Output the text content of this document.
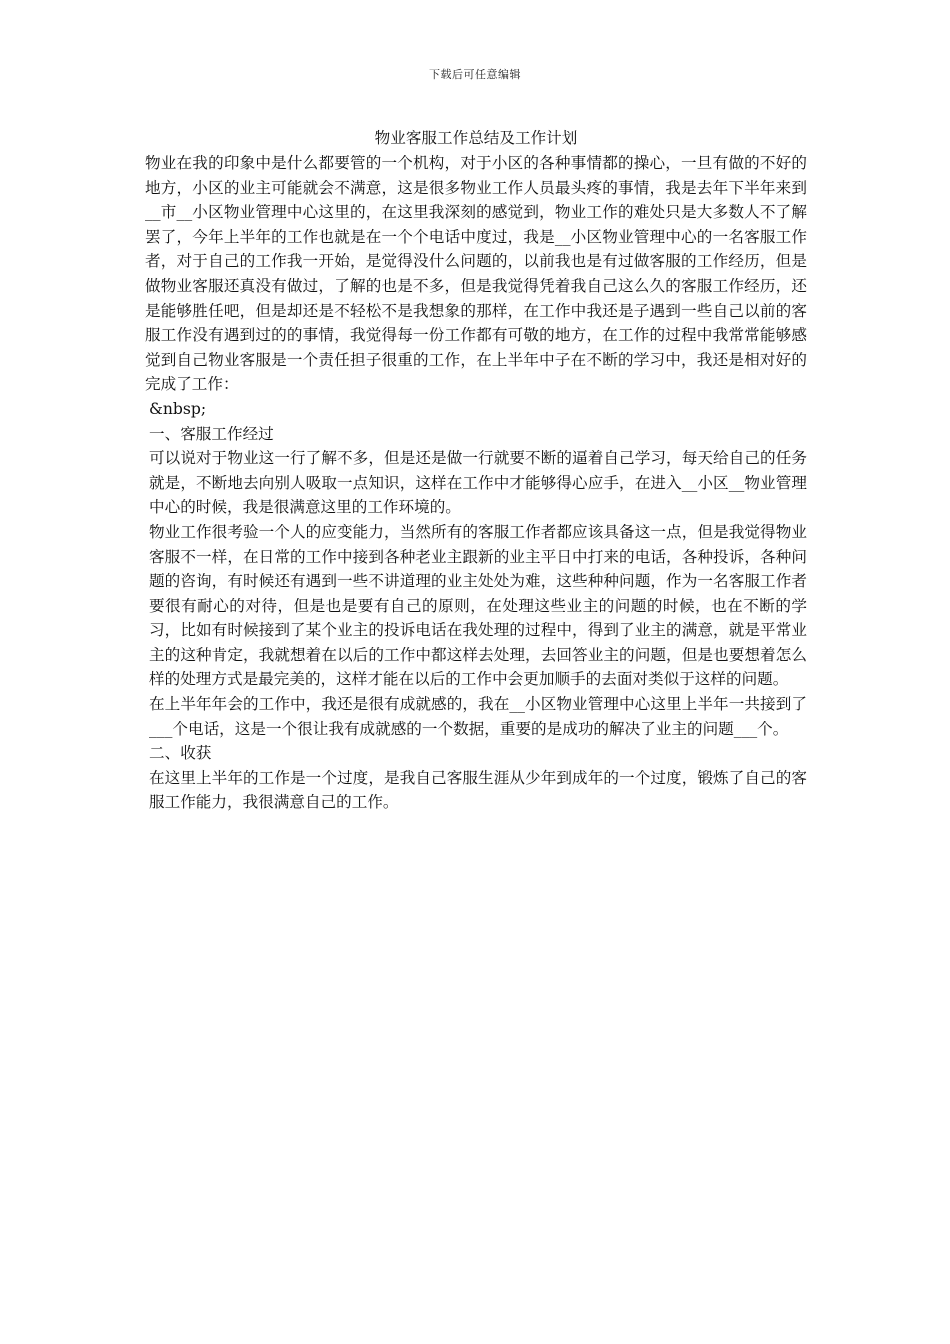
下载后可任意编辑
物业客服工作总结及工作计划

物业在我的印象中是什么都要管的一个机构，对于小区的各种事情都的操心，一旦有做的不好的地方，小区的业主可能就会不满意，这是很多物业工作人员最头疼的事情，我是去年下半年来到__市__小区物业管理中心这里的，在这里我深刻的感觉到，物业工作的难处只是大多数人不了解罢了，今年上半年的工作也就是在一个个电话中度过，我是__小区物业管理中心的一名客服工作者，对于自己的工作我一开始，是觉得没什么问题的，以前我也是有过做客服的工作经历，但是做物业客服还真没有做过，了解的也是不多，但是我觉得凭着我自己这么久的客服工作经历，还是能够胜任吧，但是却还是不轻松不是我想象的那样，在工作中我还是子遇到一些自己以前的客服工作没有遇到过的的事情，我觉得每一份工作都有可敬的地方，在工作的过程中我常常能够感觉到自己物业客服是一个责任担子很重的工作，在上半年中子在不断的学习中，我还是相对好的完成了工作：

&nbsp;

一、客服工作经过

可以说对于物业这一行了解不多，但是还是做一行就要不断的逼着自己学习，每天给自己的任务就是，不断地去向别人吸取一点知识，这样在工作中才能够得心应手，在进入__小区__物业管理中心的时候，我是很满意这里的工作环境的。

物业工作很考验一个人的应变能力，当然所有的客服工作者都应该具备这一点，但是我觉得物业客服不一样，在日常的工作中接到各种老业主跟新的业主平日中打来的电话，各种投诉，各种问题的咨询，有时候还有遇到一些不讲道理的业主处处为难，这些种种问题，作为一名客服工作者要很有耐心的对待，但是也是要有自己的原则，在处理这些业主的问题的时候，也在不断的学习，比如有时候接到了某个业主的投诉电话在我处理的过程中，得到了业主的满意，就是平常业主的这种肯定，我就想着在以后的工作中都这样去处理，去回答业主的问题，但是也要想着怎么样的处理方式是最完美的，这样才能在以后的工作中会更加顺手的去面对类似于这样的问题。

在上半年年会的工作中，我还是很有成就感的，我在__小区物业管理中心这里上半年一共接到了___个电话，这是一个很让我有成就感的一个数据，重要的是成功的解决了业主的问题___个。

二、收获

在这里上半年的工作是一个过度，是我自己客服生涯从少年到成年的一个过度，锻炼了自己的客服工作能力，我很满意自己的工作。
